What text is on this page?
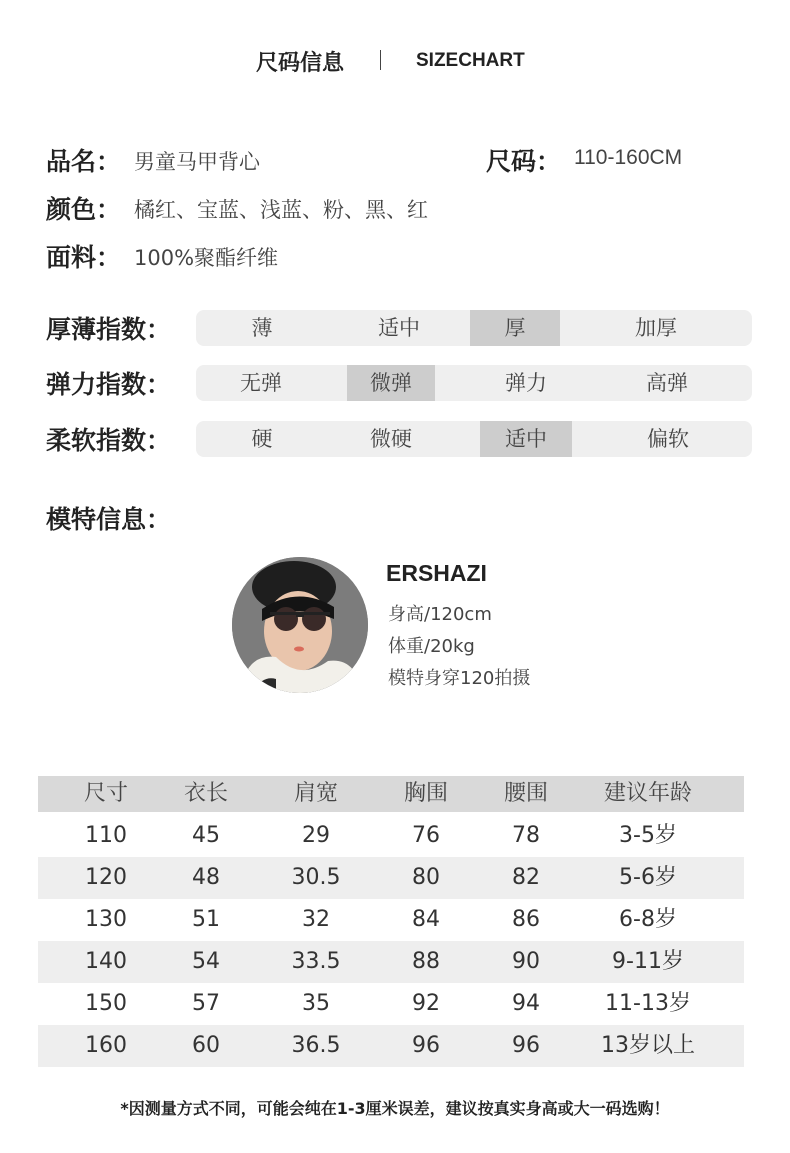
尺码信息	SIZECHART
品名： 男童马甲背心	尺码： 110-160CM
颜色： 橘红、宝蓝、浅蓝、粉、黑、红
面料： 100%聚酯纤维
厚薄指数：	薄	适中	厚	加厚
弹力指数：	无弹	微弹	弹力	高弹
柔软指数：	硬	微硬	适中	偏软
模特信息：
ERSHAZI
身高/120cm
体重/20kg
模特身穿120拍摄
尺寸	衣长	肩宽	胸围	腰围	建议年龄
110	45	29	76	78	3-5岁
120	48	30.5	80	82	5-6岁
130	51	32	84	86	6-8岁
140	54	33.5	88	90	9-11岁
150	57	35	92	94	11-13岁
160	60	36.5	96	96	13岁以上
*因测量方式不同，可能会纯在1-3厘米误差，建议按真实身高或大一码选购！
